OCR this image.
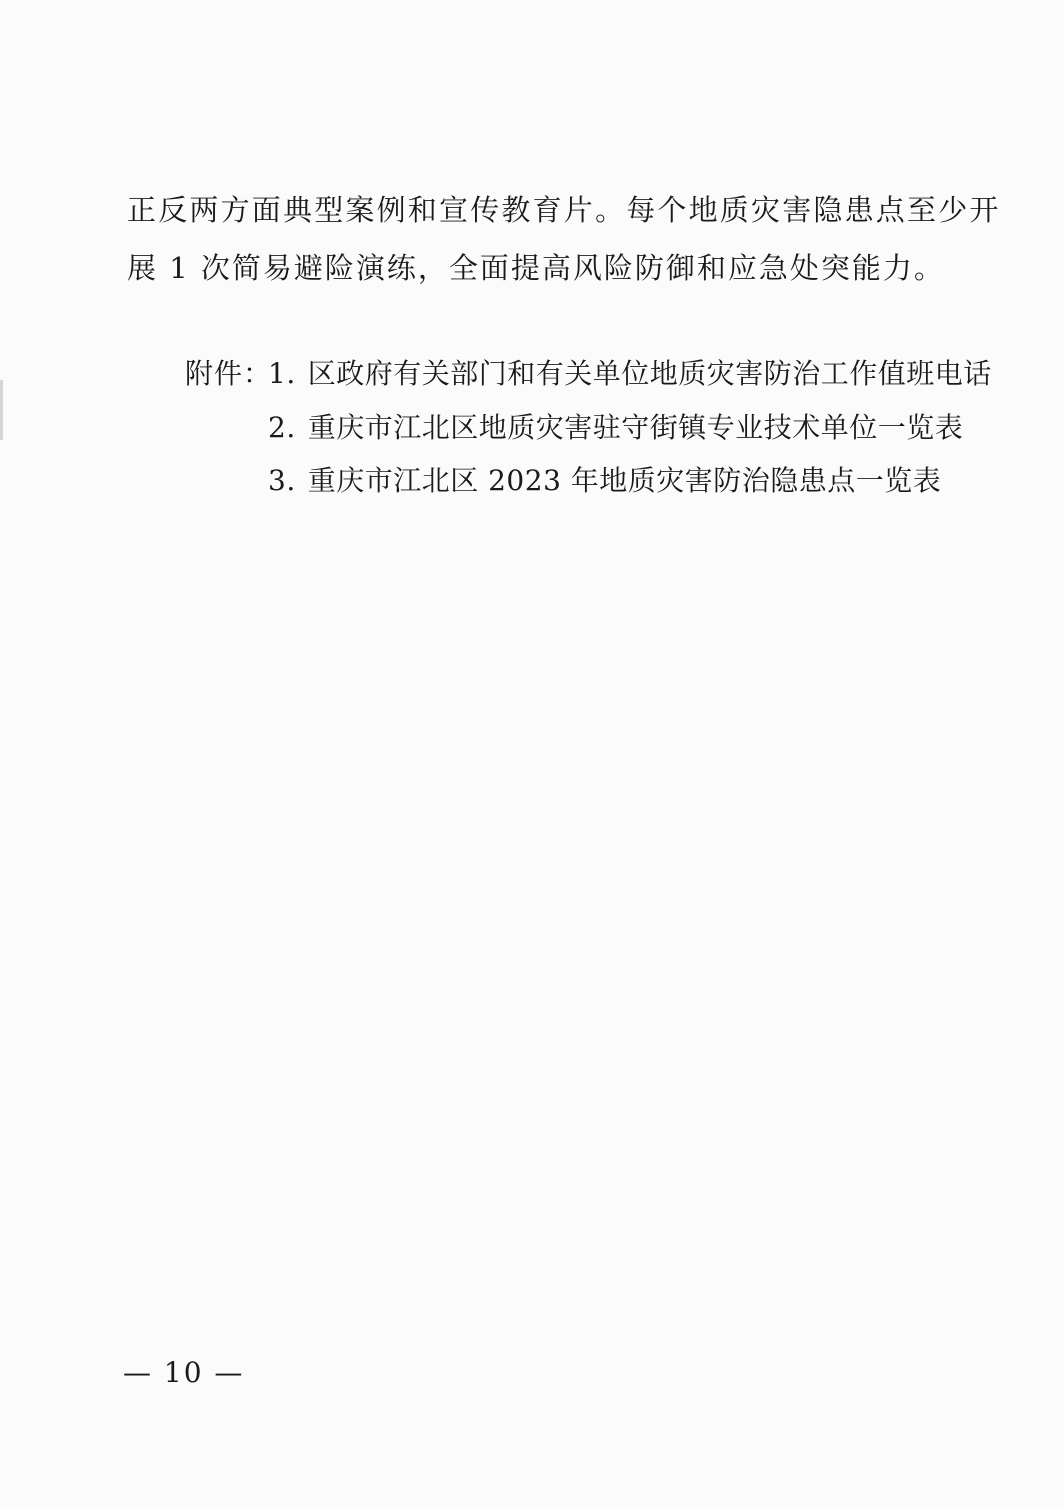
正反两方面典型案例和宣传教育片。每个地质灾害隐患点至少开
展 1 次简易避险演练，全面提高风险防御和应急处突能力。
附件：
1. 区政府有关部门和有关单位地质灾害防治工作值班电话
2. 重庆市江北区地质灾害驻守街镇专业技术单位一览表
3. 重庆市江北区 2023 年地质灾害防治隐患点一览表
— 10 —
